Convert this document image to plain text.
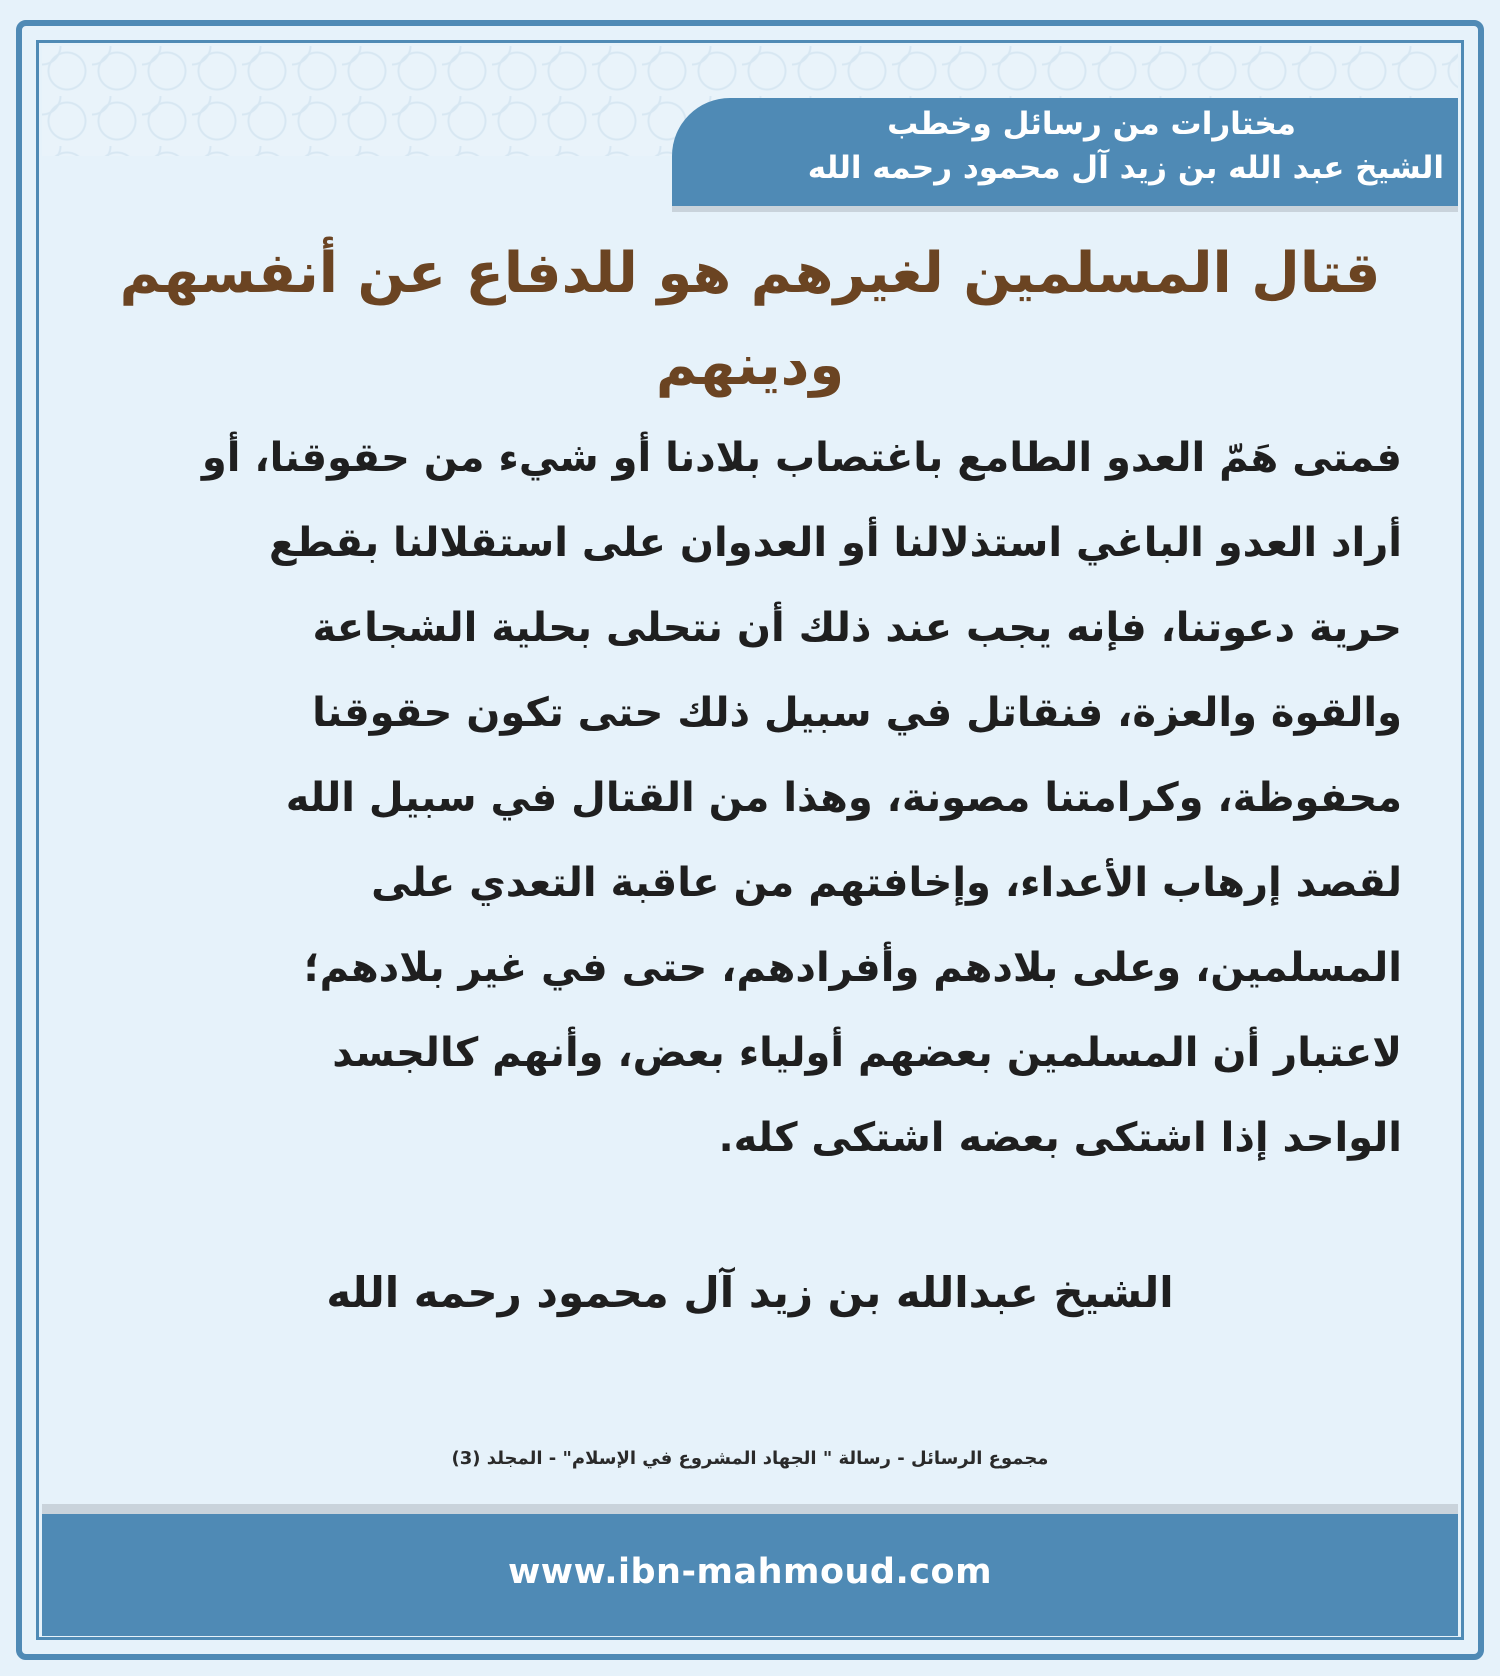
مختارات من رسائل وخطب
الشيخ عبد الله بن زيد آل محمود رحمه الله
قتال المسلمين لغيرهم هو للدفاع عن أنفسهم ودينهم
فمتى هَمّ العدو الطامع باغتصاب بلادنا أو شيء من حقوقنا، أو
أراد العدو الباغي استذلالنا أو العدوان على استقلالنا بقطع
حرية دعوتنا، فإنه يجب عند ذلك أن نتحلى بحلية الشجاعة
والقوة والعزة، فنقاتل في سبيل ذلك حتى تكون حقوقنا
محفوظة، وكرامتنا مصونة، وهذا من القتال في سبيل الله
لقصد إرهاب الأعداء، وإخافتهم من عاقبة التعدي على
المسلمين، وعلى بلادهم وأفرادهم، حتى في غير بلادهم؛
لاعتبار أن المسلمين بعضهم أولياء بعض، وأنهم كالجسد
الواحد إذا اشتكى بعضه اشتكى كله.
الشيخ عبدالله بن زيد آل محمود رحمه الله
مجموع الرسائل - رسالة " الجهاد المشروع في الإسلام" - المجلد (3)
www.ibn-mahmoud.com
